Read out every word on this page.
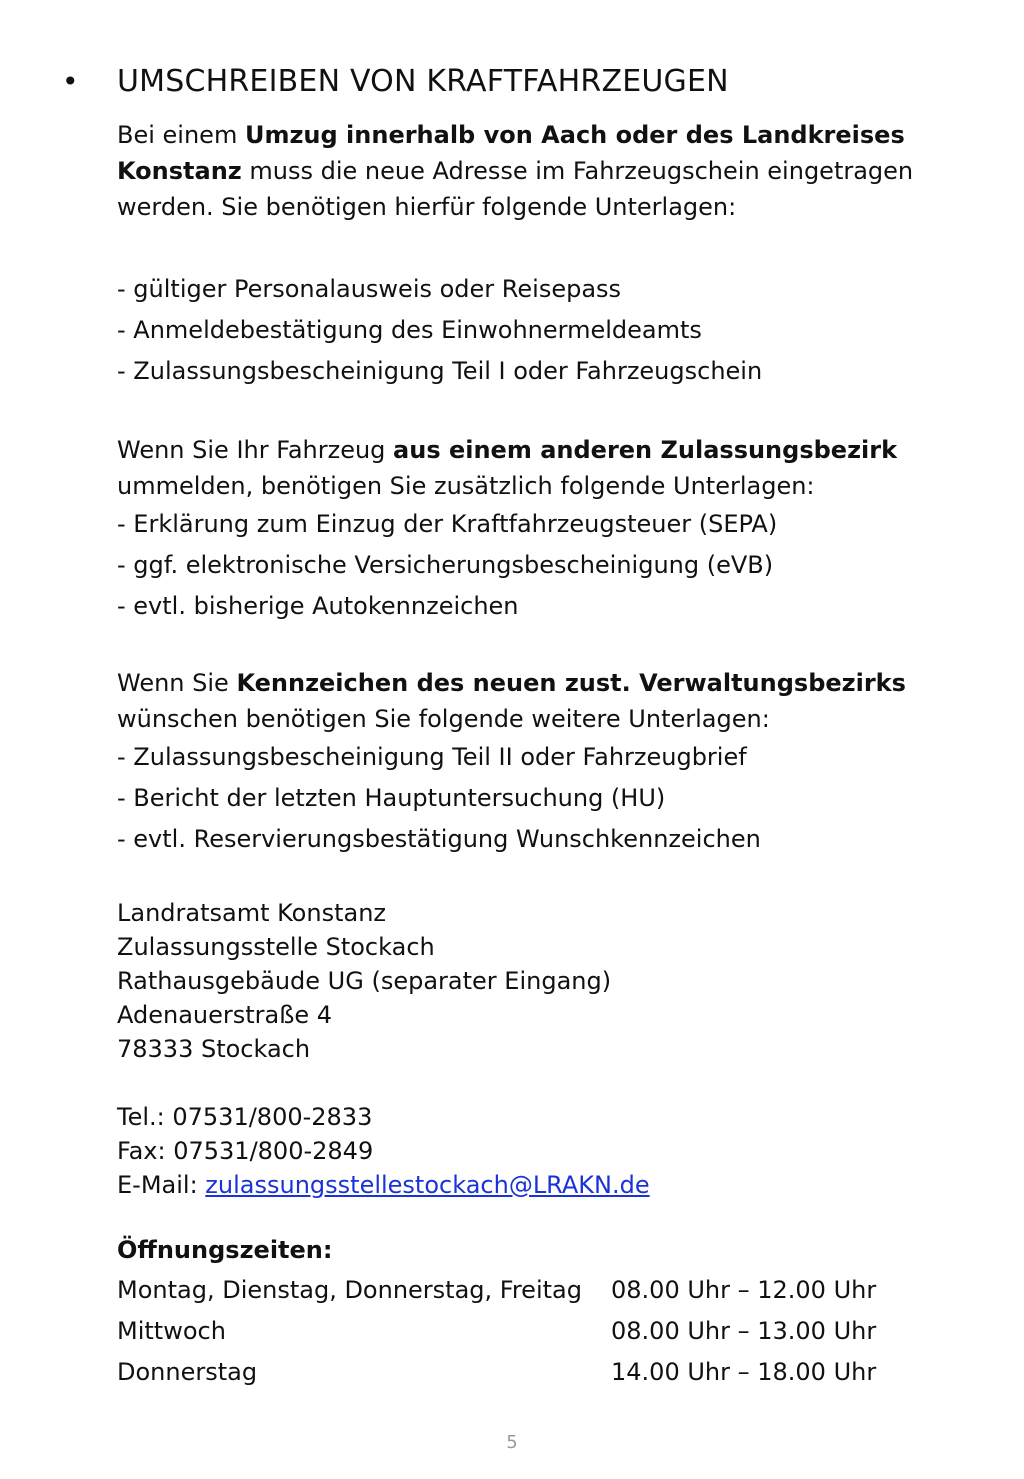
• UMSCHREIBEN VON KRAFTFAHRZEUGEN

Bei einem Umzug innerhalb von Aach oder des Landkreises Konstanz muss die neue Adresse im Fahrzeugschein eingetragen werden. Sie benötigen hierfür folgende Unterlagen:

- gültiger Personalausweis oder Reisepass
- Anmeldebestätigung des Einwohnermeldeamts
- Zulassungsbescheinigung Teil I oder Fahrzeugschein

Wenn Sie Ihr Fahrzeug aus einem anderen Zulassungsbezirk ummelden, benötigen Sie zusätzlich folgende Unterlagen:

- Erklärung zum Einzug der Kraftfahrzeugsteuer (SEPA)
- ggf. elektronische Versicherungsbescheinigung (eVB)
- evtl. bisherige Autokennzeichen

Wenn Sie Kennzeichen des neuen zust. Verwaltungsbezirks wünschen benötigen Sie folgende weitere Unterlagen:

- Zulassungsbescheinigung Teil II oder Fahrzeugbrief
- Bericht der letzten Hauptuntersuchung (HU)
- evtl. Reservierungsbestätigung Wunschkennzeichen
Landratsamt Konstanz
Zulassungsstelle Stockach
Rathausgebäude UG (separater Eingang)
Adenauerstraße 4
78333 Stockach
Tel.: 07531/800-2833
Fax: 07531/800-2849
E-Mail: zulassungsstellestockach@LRAKN.de
Öffnungszeiten:
Montag, Dienstag, Donnerstag, Freitag	08.00 Uhr – 12.00 Uhr
Mittwoch	08.00 Uhr – 13.00 Uhr
Donnerstag	14.00 Uhr – 18.00 Uhr
5
